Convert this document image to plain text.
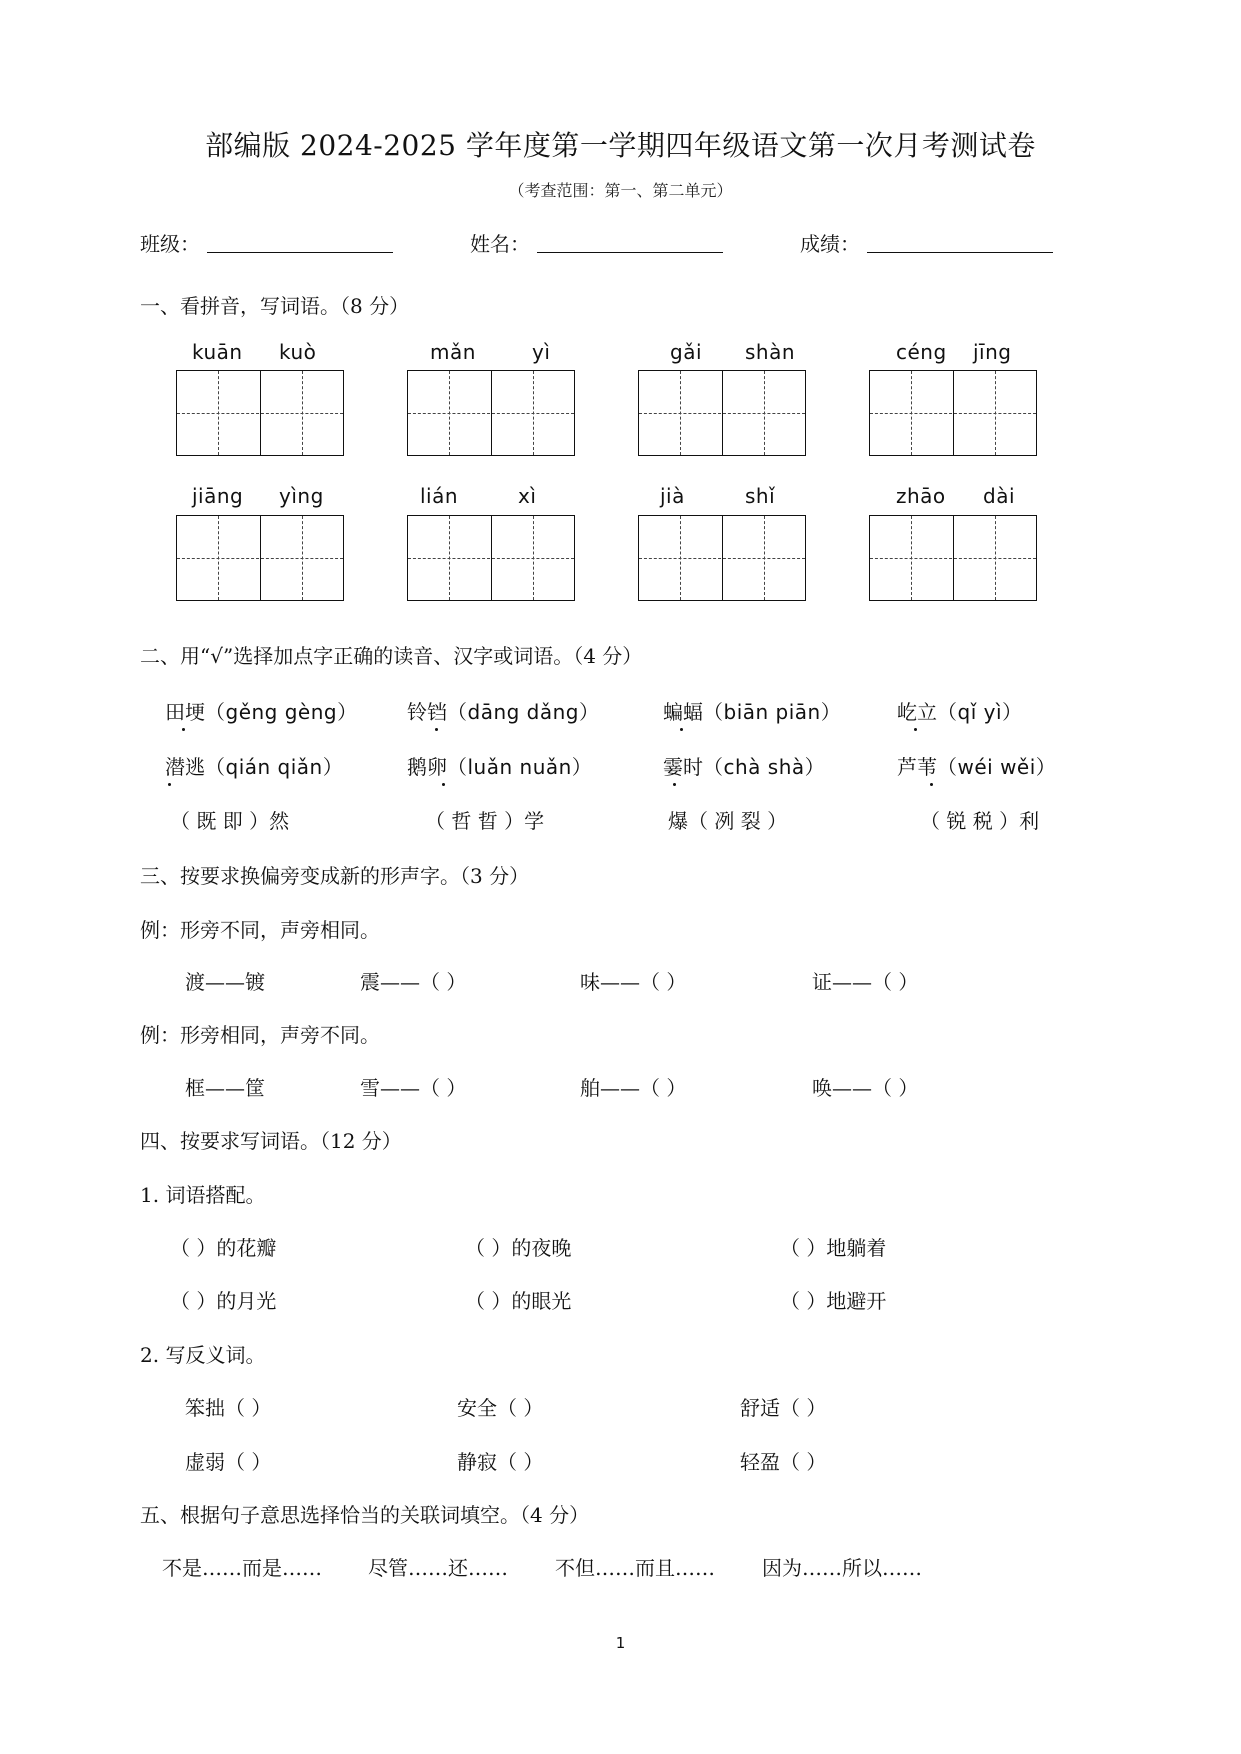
部编版 2024-2025 学年度第一学期四年级语文第一次月考测试卷
（考查范围：第一、第二单元）
班级：	姓名：	成绩：
一、看拼音，写词语。（8 分）
kuān kuò	mǎn	yì	gǎi shàn	céng jīng
jiāng yìng	lián	xì	jià	shǐ	zhāo dài
二、用“√”选择加点字正确的读音、汉字或词语。（4 分）
田埂（gěng gèng） 铃铛（dāng dǎng）	蝙蝠（biān piān）	屹立（qǐ yì）
潜逃（qián qiǎn）	鹅卵（luǎn nuǎn）	霎时（chà shà）	芦苇（wéi wěi）
（ 既 即 ）然	（ 哲 晢 ）学	爆（ 冽 裂 ）	（ 锐 税 ）利
三、按要求换偏旁变成新的形声字。（3 分）
例：形旁不同，声旁相同。
渡——镀	震——（ ）	味——（ ）	证——（ ）
例：形旁相同，声旁不同。
框——筐	雪——（ ）	舶——（ ）	唤——（ ）
四、按要求写词语。（12 分）
1. 词语搭配。
（ ）的花瓣	（ ）的夜晚	（ ）地躺着
（ ）的月光	（ ）的眼光	（ ）地避开
2. 写反义词。
笨拙（ ）	安全（ ）	舒适（ ）
虚弱（ ）	静寂（ ）	轻盈（ ）
五、根据句子意思选择恰当的关联词填空。（4 分）
不是……而是…… 尽管……还…… 不但……而且…… 因为……所以……
1
